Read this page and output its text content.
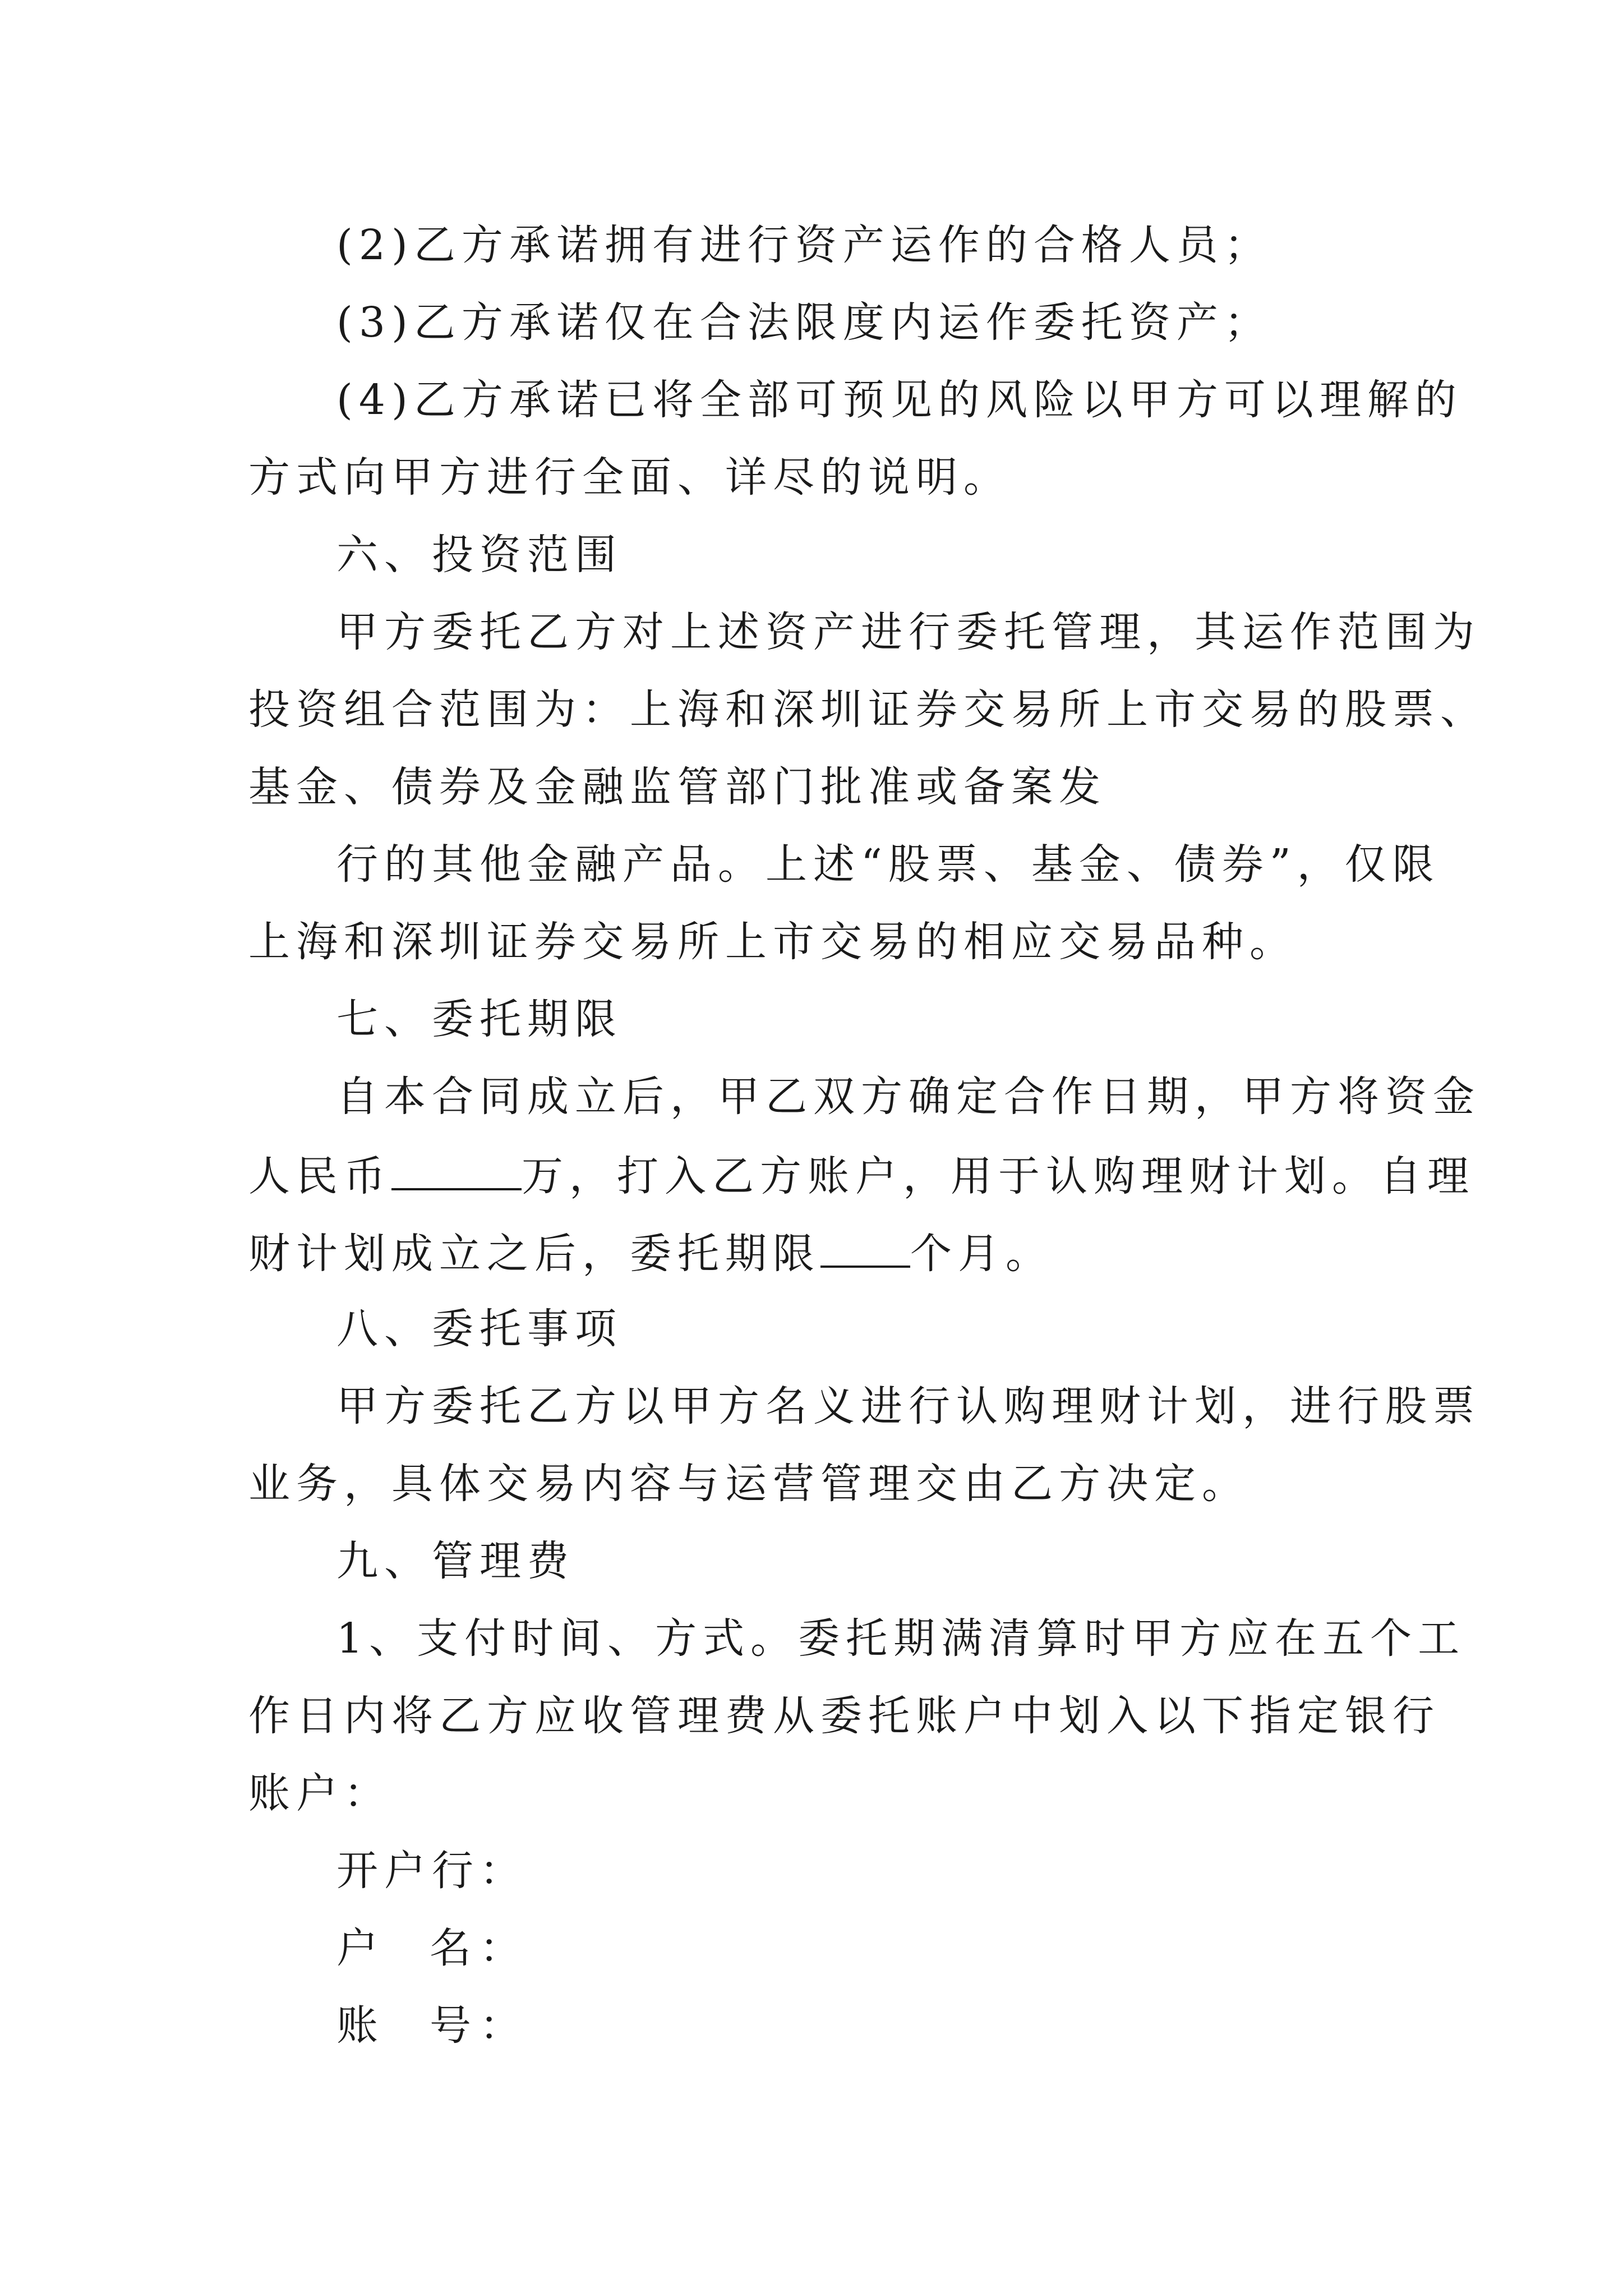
(2)乙方承诺拥有进行资产运作的合格人员；

(3)乙方承诺仅在合法限度内运作委托资产；

(4)乙方承诺已将全部可预见的风险以甲方可以理解的

方式向甲方进行全面、详尽的说明。

六、投资范围

甲方委托乙方对上述资产进行委托管理，其运作范围为

投资组合范围为：上海和深圳证券交易所上市交易的股票、

基金、债券及金融监管部门批准或备案发

行的其他金融产品。上述“股票、基金、债券”，仅限

上海和深圳证券交易所上市交易的相应交易品种。

七、委托期限

自本合同成立后，甲乙双方确定合作日期，甲方将资金

人民币	万，打入乙方账户，用于认购理财计划。自理

财计划成立之后，委托期限 个月。

八、委托事项

甲方委托乙方以甲方名义进行认购理财计划，进行股票

业务，具体交易内容与运营管理交由乙方决定。

九、管理费

1、支付时间、方式。委托期满清算时甲方应在五个工

作日内将乙方应收管理费从委托账户中划入以下指定银行

账户：

开户行：

户  名：

账  号：
